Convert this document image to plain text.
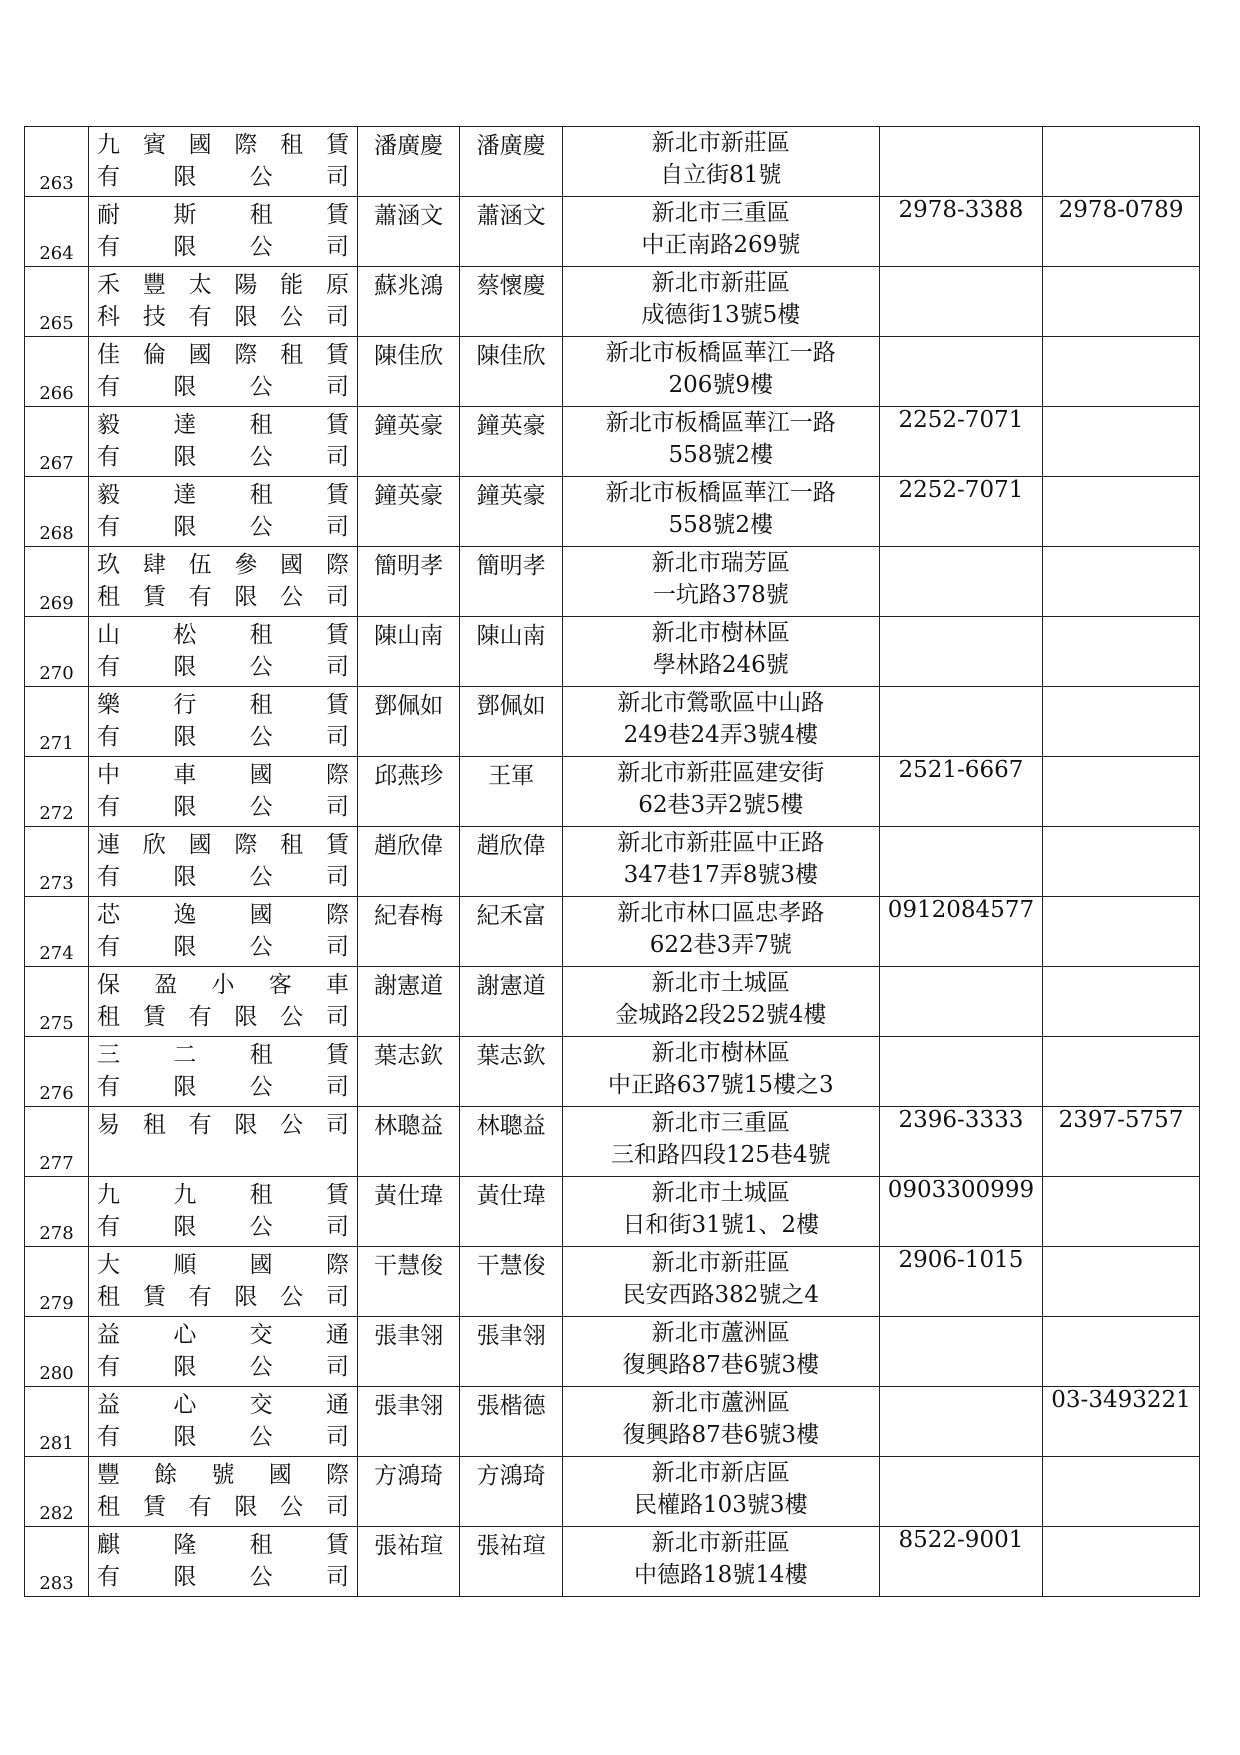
263	九賓國際租賃
有限公司	潘廣慶	潘廣慶	新北市新莊區
自立街81號		

264	耐斯租賃
有限公司	蕭涵文	蕭涵文	新北市三重區
中正南路269號	2978-3388	2978-0789
265	禾豐太陽能原
科技有限公司	蘇兆鴻	蔡懷慶	新北市新莊區
成德街13號5樓		

266	佳倫國際租賃
有限公司	陳佳欣	陳佳欣	新北市板橋區華江一路
206號9樓		

267	毅達租賃
有限公司	鐘英豪	鐘英豪	新北市板橋區華江一路
558號2樓	2252-7071	
268	毅達租賃
有限公司	鐘英豪	鐘英豪	新北市板橋區華江一路
558號2樓	2252-7071	
269	玖肆伍參國際
租賃有限公司	簡明孝	簡明孝	新北市瑞芳區
一坑路378號		

270	山松租賃
有限公司	陳山南	陳山南	新北市樹林區
學林路246號		

271	樂行租賃
有限公司	鄧佩如	鄧佩如	新北市鶯歌區中山路
249巷24弄3號4樓		

272	中車國際
有限公司	邱燕珍	王軍	新北市新莊區建安街
62巷3弄2號5樓	2521-6667	
273	連欣國際租賃
有限公司	趙欣偉	趙欣偉	新北市新莊區中正路
347巷17弄8號3樓		

274	芯逸國際
有限公司	紀春梅	紀禾富	新北市林口區忠孝路
622巷3弄7號	0912084577	
275	保盈小客車
租賃有限公司	謝憲道	謝憲道	新北市土城區
金城路2段252號4樓		

276	三二租賃
有限公司	葉志欽	葉志欽	新北市樹林區
中正路637號15樓之3		

277	易租有限公司	林聰益	林聰益	新北市三重區
三和路四段125巷4號	2396-3333	2397-5757
278	九九租賃
有限公司	黃仕瑋	黃仕瑋	新北市土城區
日和街31號1、2樓	0903300999	
279	大順國際
租賃有限公司	干慧俊	干慧俊	新北市新莊區
民安西路382號之4	2906-1015	
280	益心交通
有限公司	張聿翎	張聿翎	新北市蘆洲區
復興路87巷6號3樓		

281	益心交通
有限公司	張聿翎	張楷德	新北市蘆洲區
復興路87巷6號3樓		03-3493221
282	豐餘號國際
租賃有限公司	方鴻琦	方鴻琦	新北市新店區
民權路103號3樓		

283	麒隆租賃
有限公司	張祐瑄	張祐瑄	新北市新莊區
中德路18號14樓	8522-9001	
